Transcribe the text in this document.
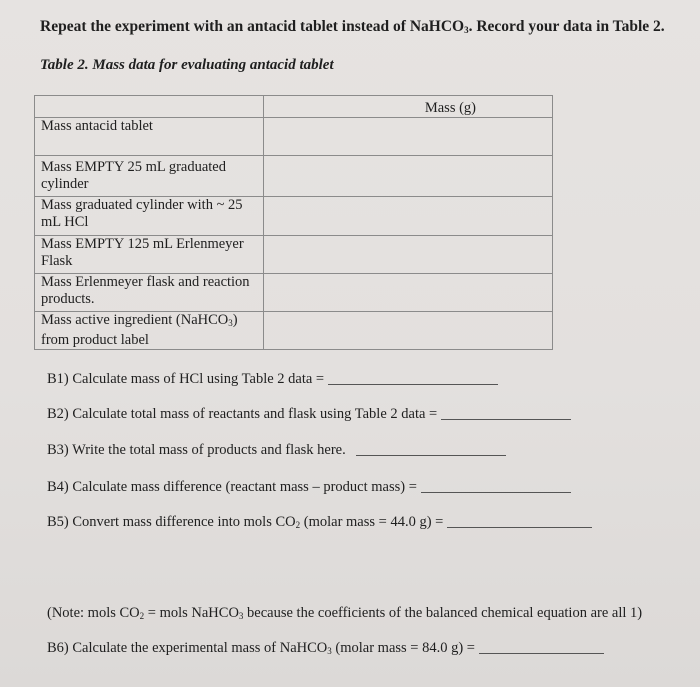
Repeat the experiment with an antacid tablet instead of NaHCO$_3$. Record your data in Table 2.
Table 2. Mass data for evaluating antacid tablet
	Mass (g)
Mass antacid tablet	
Mass EMPTY 25 mL graduated cylinder	
Mass graduated cylinder with ~ 25 mL HCl	
Mass EMPTY 125 mL Erlenmeyer Flask	
Mass Erlenmeyer flask and reaction products.	
Mass active ingredient (NaHCO$_3$) from product label	
B1) Calculate mass of HCl using Table 2 data =
B2) Calculate total mass of reactants and flask using Table 2 data =
B3) Write the total mass of products and flask here.
B4) Calculate mass difference (reactant mass – product mass) =
B5) Convert mass difference into mols $CO_2$ (molar mass = 44.0 g) =
(Note: mols $CO_2$ = mols NaHCO$_3$ because the coefficients of the balanced chemical equation are all 1)
B6) Calculate the experimental mass of NaHCO$_3$ (molar mass = 84.0 g) =
